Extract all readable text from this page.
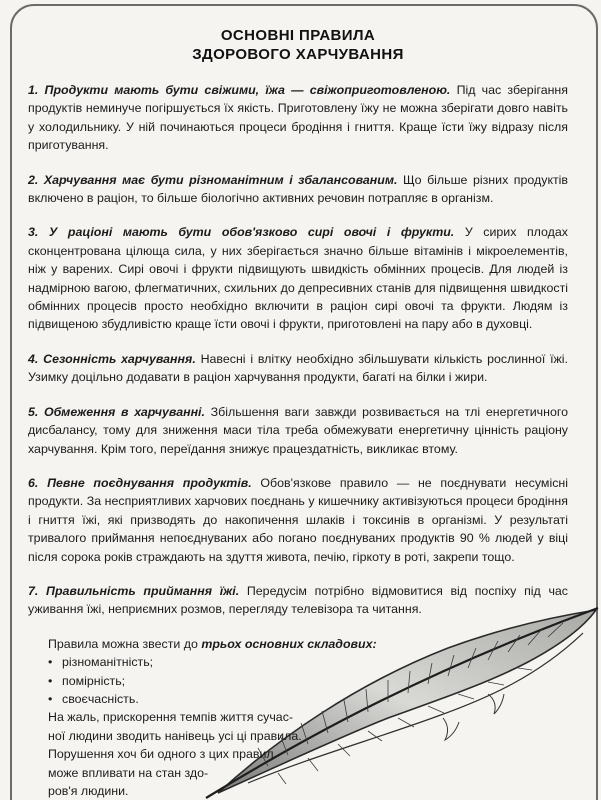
ОСНОВНІ ПРАВИЛА
ЗДОРОВОГО ХАРЧУВАННЯ

1. Продукти мають бути свіжими, їжа — свіжоприготовленою. Під час зберігання продуктів неминуче погіршується їх якість. Приготовлену їжу не можна зберігати довго навіть у холодильнику. У ній починаються процеси бродіння і гниття. Краще їсти їжу відразу після приготування.

2. Харчування має бути різноманітним і збалансованим. Що більше різних продуктів включено в раціон, то більше біологічно активних речовин потрапляє в організм.

3. У раціоні мають бути обов'язково сирі овочі і фрукти. У сирих плодах сконцентрована цілюща сила, у них зберігається значно більше вітамінів і мікроелементів, ніж у варених. Сирі овочі і фрукти підвищують швидкість обмінних процесів. Для людей із надмірною вагою, флегматичних, схильних до депресивних станів для підвищення швидкості обмінних процесів просто необхідно включити в раціон сирі овочі та фрукти. Людям із підвищеною збудливістю краще їсти овочі і фрукти, приготовлені на пару або в духовці.

4. Сезонність харчування. Навесні і влітку необхідно збільшувати кількість рослинної їжі. Узимку доцільно додавати в раціон харчування продукти, багаті на білки і жири.

5. Обмеження в харчуванні. Збільшення ваги завжди розвивається на тлі енергетичного дисбалансу, тому для зниження маси тіла треба обмежувати енергетичну цінність раціону харчування. Крім того, переїдання знижує працездатність, викликає втому.

6. Певне поєднування продуктів. Обов'язкове правило — не поєднувати несумісні продукти. За несприятливих харчових поєднань у кишечнику активізуються процеси бродіння і гниття їжі, які призводять до накопичення шлаків і токсинів в організмі. У результаті тривалого приймання непоєднуваних або погано поєднуваних продуктів 90 % людей у віці після сорока років страждають на здуття живота, печію, гіркоту в роті, закрепи тощо.

7. Правильність приймання їжі. Передусім потрібно відмовитися від поспіху під час уживання їжі, неприємних розмов, перегляду телевізора та читання.

Правила можна звести до трьох основних складових:
• різноманітність;
• помірність;
• своєчасність.
На жаль, прискорення темпів життя сучас-
ної людини зводить нанівець усі ці правила.
Порушення хоч би одного з цих правил
може впливати на стан здо-
ров'я людини.
